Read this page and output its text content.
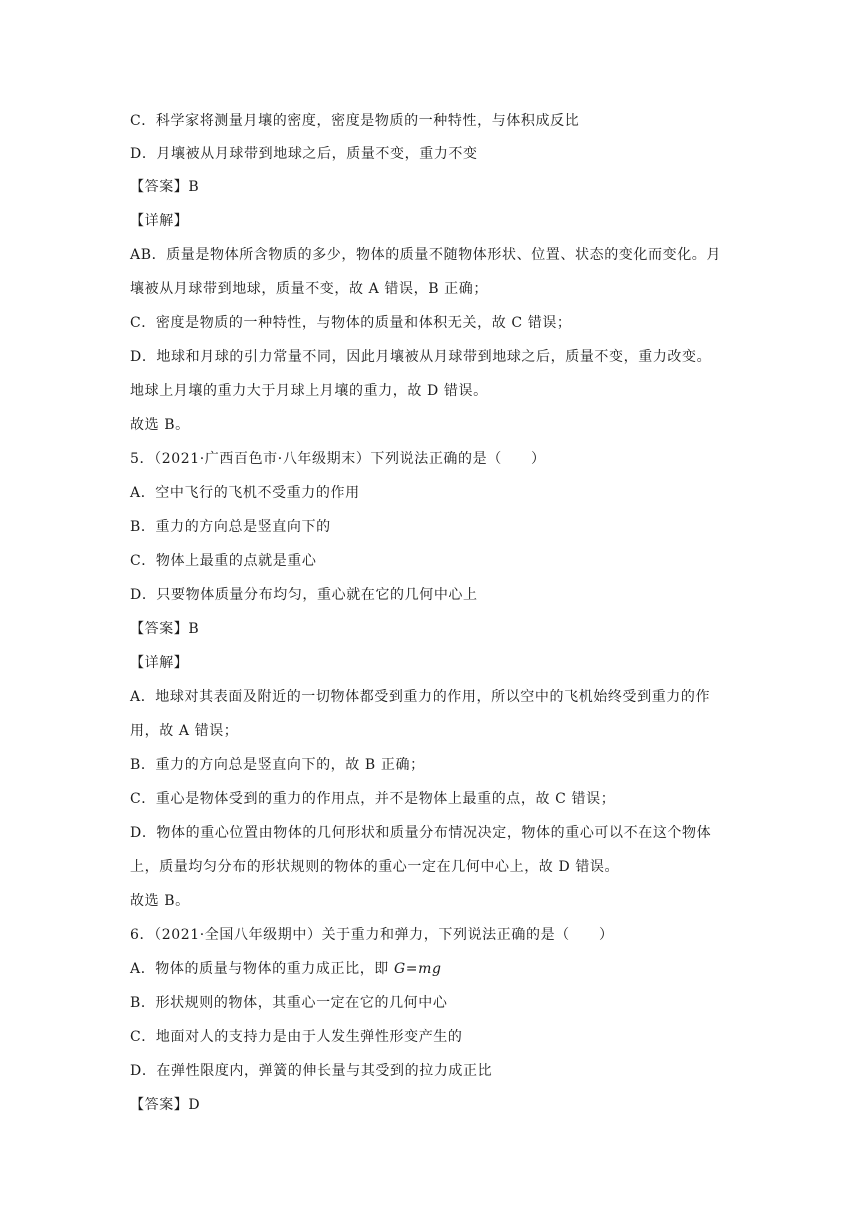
C．科学家将测量月壤的密度，密度是物质的一种特性，与体积成反比
D．月壤被从月球带到地球之后，质量不变，重力不变
【答案】B
【详解】
AB．质量是物体所含物质的多少，物体的质量不随物体形状、位置、状态的变化而变化。月
壤被从月球带到地球，质量不变，故 A 错误，B 正确；
C．密度是物质的一种特性，与物体的质量和体积无关，故 C 错误；
D．地球和月球的引力常量不同，因此月壤被从月球带到地球之后，质量不变，重力改变。
地球上月壤的重力大于月球上月壤的重力，故 D 错误。
故选 B。
5．（2021·广西百色市·八年级期末）下列说法正确的是（　　）
A．空中飞行的飞机不受重力的作用
B．重力的方向总是竖直向下的
C．物体上最重的点就是重心
D．只要物体质量分布均匀，重心就在它的几何中心上
【答案】B
【详解】
A．地球对其表面及附近的一切物体都受到重力的作用，所以空中的飞机始终受到重力的作
用，故 A 错误；
B．重力的方向总是竖直向下的，故 B 正确；
C．重心是物体受到的重力的作用点，并不是物体上最重的点，故 C 错误；
D．物体的重心位置由物体的几何形状和质量分布情况决定，物体的重心可以不在这个物体
上，质量均匀分布的形状规则的物体的重心一定在几何中心上，故 D 错误。
故选 B。
6．（2021·全国八年级期中）关于重力和弹力，下列说法正确的是（　　）
A．物体的质量与物体的重力成正比，即 G=mg
B．形状规则的物体，其重心一定在它的几何中心
C．地面对人的支持力是由于人发生弹性形变产生的
D．在弹性限度内，弹簧的伸长量与其受到的拉力成正比
【答案】D
